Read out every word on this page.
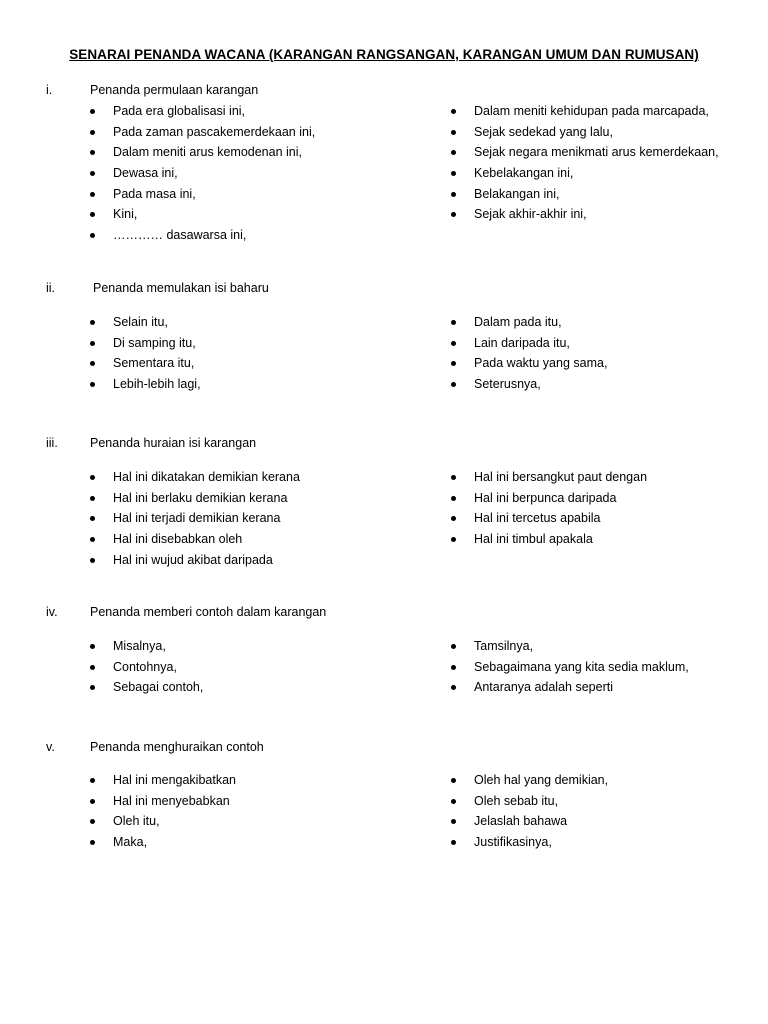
SENARAI PENANDA WACANA (KARANGAN RANGSANGAN, KARANGAN UMUM DAN RUMUSAN)
i.	Penanda permulaan karangan
Pada era globalisasi ini,
Pada zaman pascakemerdekaan ini,
Dalam meniti arus kemodenan ini,
Dewasa ini,
Pada masa ini,
Kini,
………… dasawarsa ini,
Dalam meniti kehidupan pada marcapada,
Sejak sedekad yang lalu,
Sejak negara menikmati arus kemerdekaan,
Kebelakangan ini,
Belakangan ini,
Sejak akhir-akhir ini,
ii.	Penanda memulakan isi baharu
Selain itu,
Di samping itu,
Sementara itu,
Lebih-lebih lagi,
Dalam pada itu,
Lain daripada itu,
Pada waktu yang sama,
Seterusnya,
iii.	Penanda huraian isi karangan
Hal ini dikatakan demikian kerana
Hal ini berlaku demikian kerana
Hal ini terjadi demikian kerana
Hal ini disebabkan oleh
Hal ini wujud akibat daripada
Hal ini bersangkut paut dengan
Hal ini berpunca daripada
Hal ini tercetus apabila
Hal ini timbul apakala
iv.	Penanda memberi contoh dalam karangan
Misalnya,
Contohnya,
Sebagai contoh,
Tamsilnya,
Sebagaimana yang kita sedia maklum,
Antaranya adalah seperti
v.	Penanda menghuraikan contoh
Hal ini mengakibatkan
Hal ini menyebabkan
Oleh itu,
Maka,
Oleh hal yang demikian,
Oleh sebab itu,
Jelaslah bahawa
Justifikasinya,
